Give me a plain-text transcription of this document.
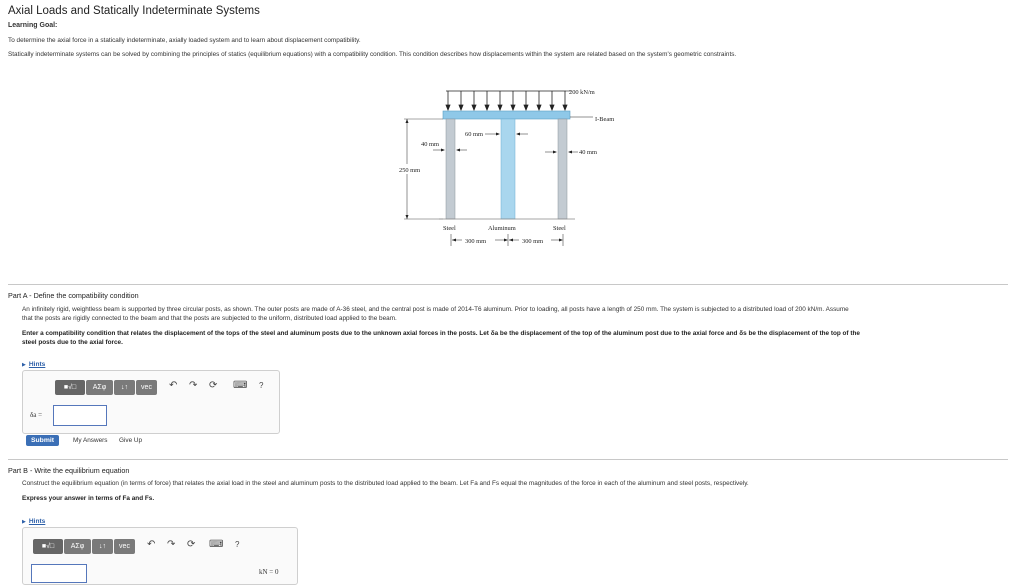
Axial Loads and Statically Indeterminate Systems
Learning Goal:
To determine the axial force in a statically indeterminate, axially loaded system and to learn about displacement compatibility.
Statically indeterminate systems can be solved by combining the principles of statics (equilibrium equations) with a compatibility condition. This condition describes how displacements within the system are related based on the system's geometric constraints.
200 kN/m
I-Beam
60 mm
40 mm
40 mm
250 mm
Steel	Aluminum	Steel
300 mm	300 mm
Part A - Define the compatibility condition
An infinitely rigid, weightless beam is supported by three circular posts, as shown. The outer posts are made of A-36 steel, and the central post is made of 2014-T6 aluminum. Prior to loading, all posts have a length of 250 mm. The system is subjected to a distributed load of 200 kN/m. Assume
that the posts are rigidly connected to the beam and that the posts are subjected to the uniform, distributed load applied to the beam.
Enter a compatibility condition that relates the displacement of the tops of the steel and aluminum posts due to the unknown axial forces in the posts. Let δa be the displacement of the top of the aluminum post due to the axial force and δs be the displacement of the top of the
steel posts due to the axial force.
▶ Hints
■√□	ΑΣφ	↓↑	vec	↶ ↷ ⟳ ⌨ ?
δa =
Submit	My Answers Give Up
Part B - Write the equilibrium equation
Construct the equilibrium equation (in terms of force) that relates the axial load in the steel and aluminum posts to the distributed load applied to the beam. Let Fa and Fs equal the magnitudes of the force in each of the aluminum and steel posts, respectively.
Express your answer in terms of Fa and Fs.
▶ Hints
■√□	ΑΣφ	↓↑	vec	↶ ↷ ⟳ ⌨ ?
kN = 0
